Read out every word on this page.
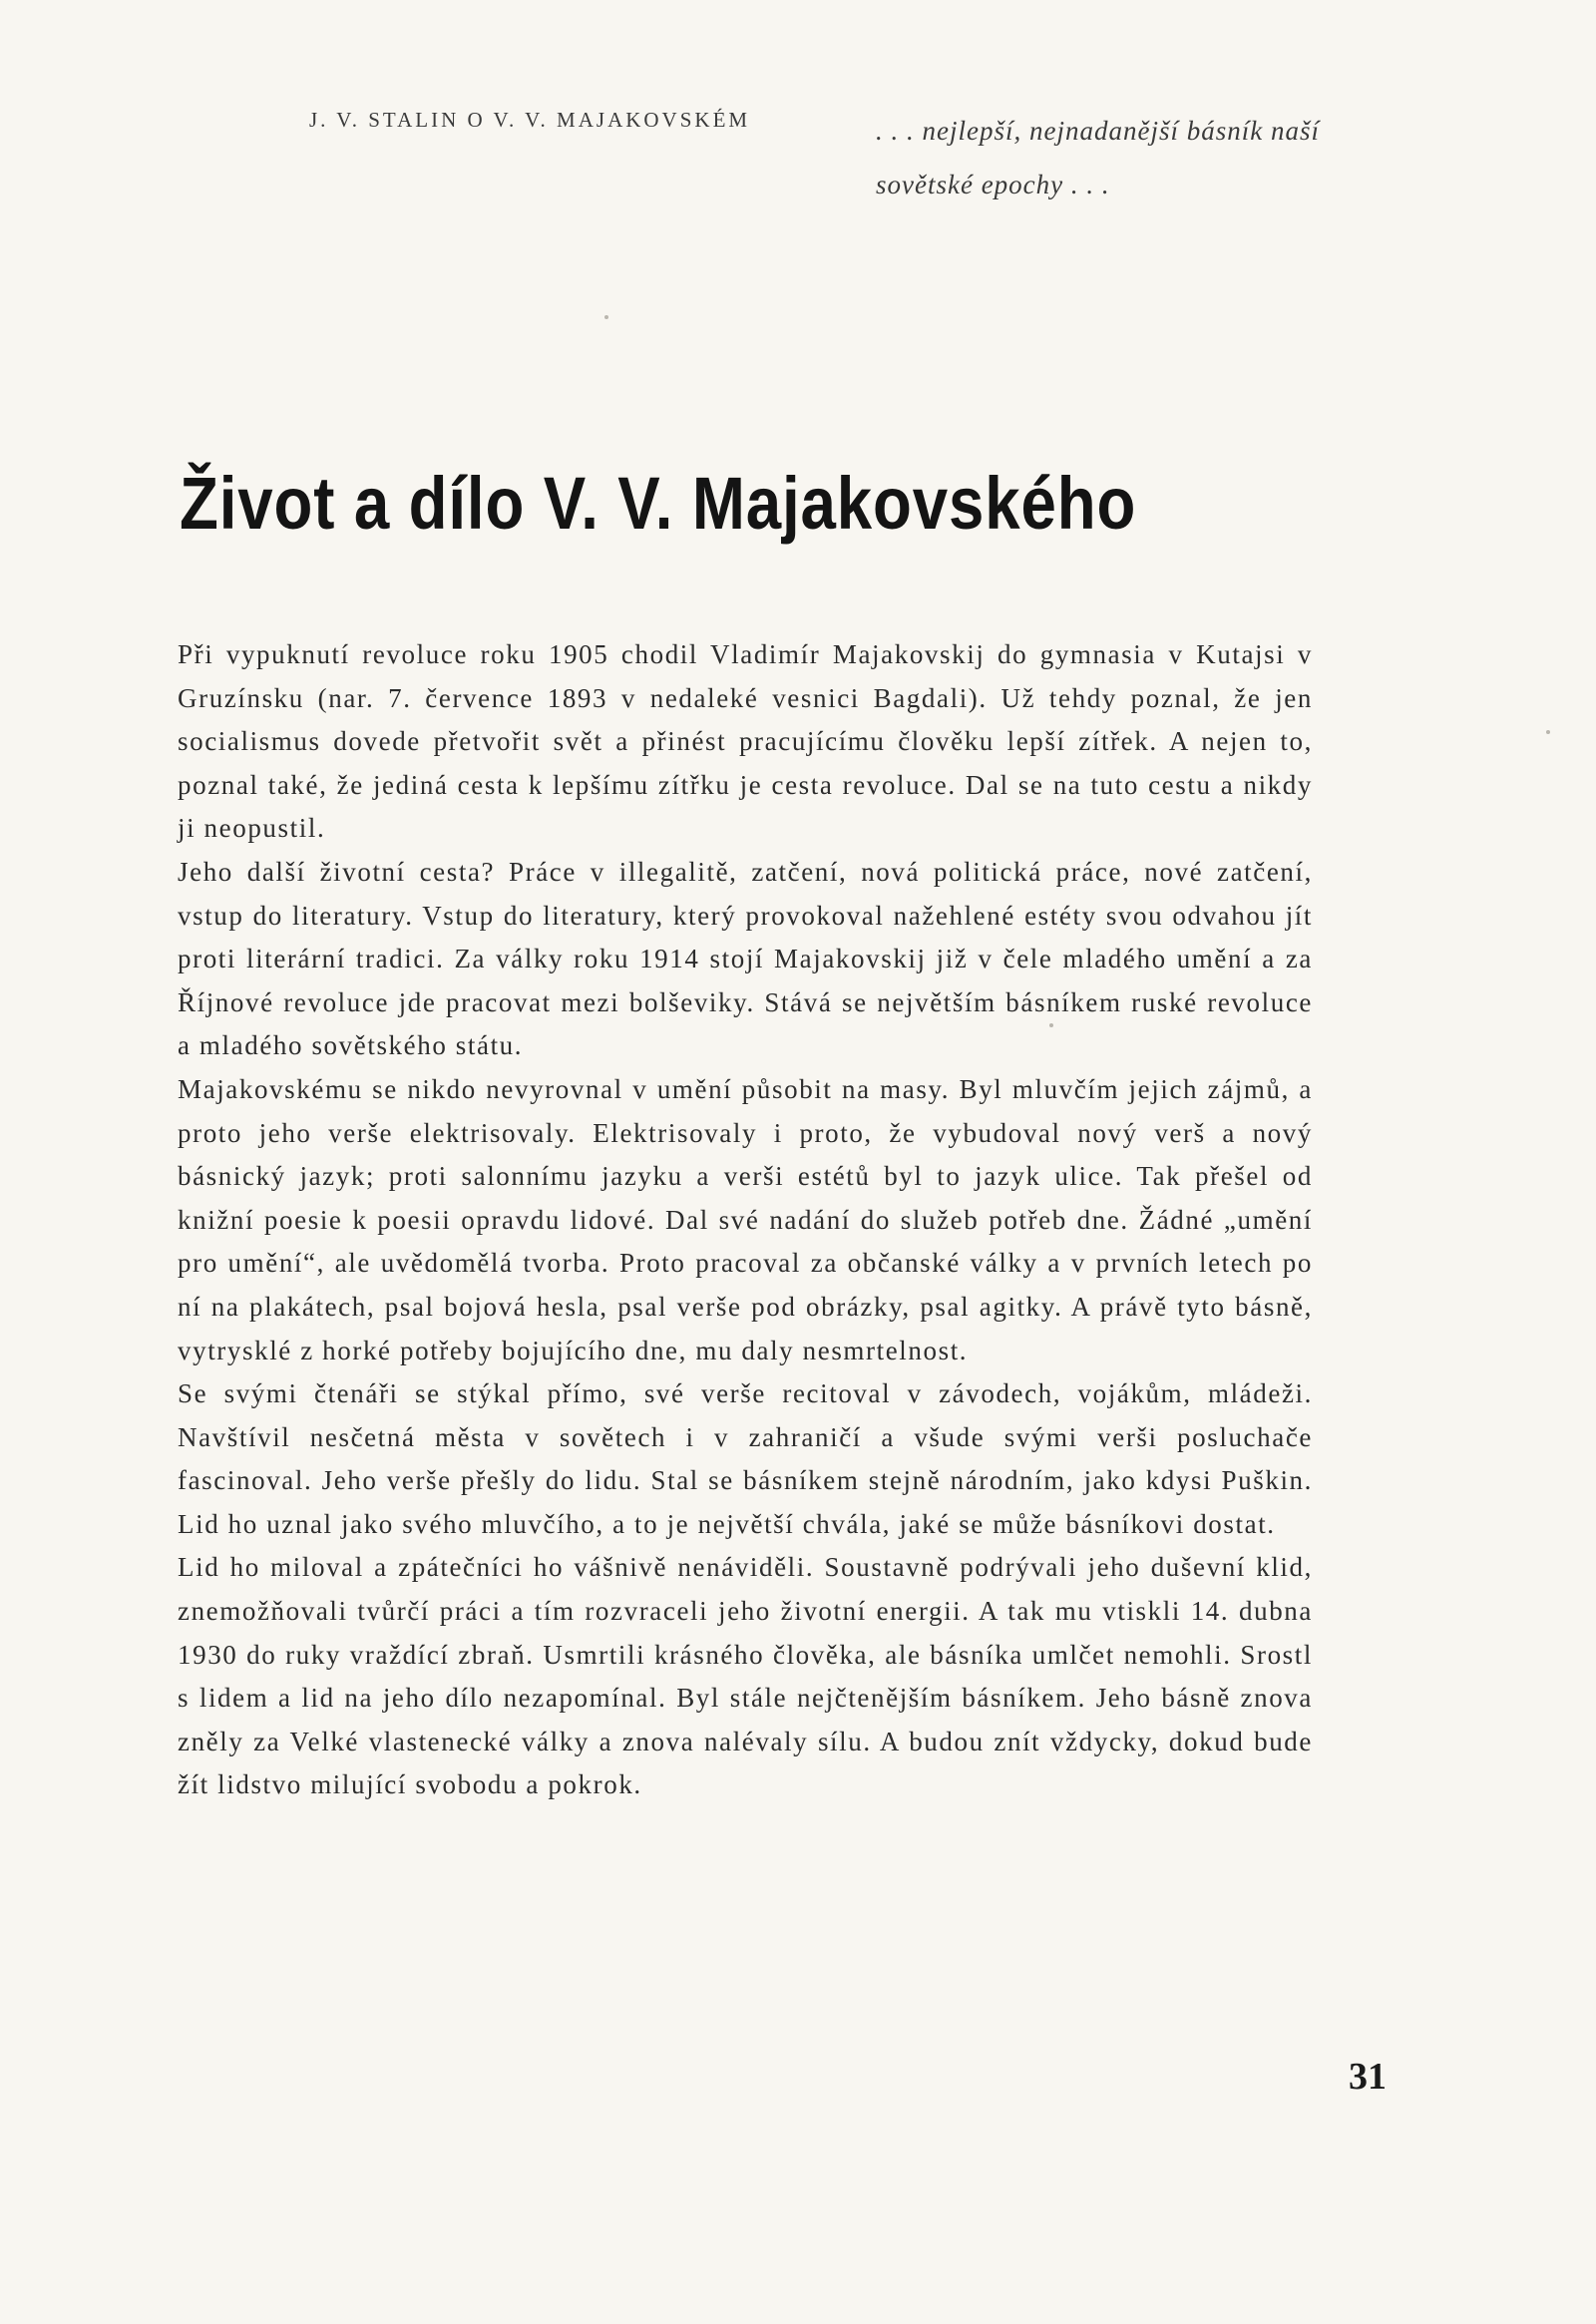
J. V. STALIN O V. V. MAJAKOVSKÉM	. . . nejlepší, nejnadanější básník naší sovětské epochy . . .
Život a dílo V. V. Majakovského

Při vypuknutí revoluce roku 1905 chodil Vladimír Majakovskij do gymnasia v Kutajsi v Gruzínsku (nar. 7. července 1893 v nedaleké vesnici Bagdali). Už tehdy poznal, že jen socialismus dovede přetvořit svět a přinést pracujícímu člověku lepší zítřek. A nejen to, poznal také, že jediná cesta k lepšímu zítřku je cesta revoluce. Dal se na tuto cestu a nikdy ji neopustil.

Jeho další životní cesta? Práce v illegalitě, zatčení, nová politická práce, nové zatčení, vstup do literatury. Vstup do literatury, který provokoval nažehlené estéty svou odvahou jít proti literární tradici. Za války roku 1914 stojí Majakovskij již v čele mladého umění a za Říjnové revoluce jde pracovat mezi bolševiky. Stává se největším básníkem ruské revoluce a mladého sovětského státu.

Majakovskému se nikdo nevyrovnal v umění působit na masy. Byl mluvčím jejich zájmů, a proto jeho verše elektrisovaly. Elektrisovaly i proto, že vybudoval nový verš a nový básnický jazyk; proti salonnímu jazyku a verši estétů byl to jazyk ulice. Tak přešel od knižní poesie k poesii opravdu lidové. Dal své nadání do služeb potřeb dne. Žádné „umění pro umění“, ale uvědomělá tvorba. Proto pracoval za občanské války a v prvních letech po ní na plakátech, psal bojová hesla, psal verše pod obrázky, psal agitky. A právě tyto básně, vytrysklé z horké potřeby bojujícího dne, mu daly nesmrtelnost.

Se svými čtenáři se stýkal přímo, své verše recitoval v závodech, vojákům, mládeži. Navštívil nesčetná města v sovětech i v zahraničí a všude svými verši posluchače fascinoval. Jeho verše přešly do lidu. Stal se básníkem stejně národním, jako kdysi Puškin. Lid ho uznal jako svého mluvčího, a to je největší chvála, jaké se může básníkovi dostat.

Lid ho miloval a zpátečníci ho vášnivě nenáviděli. Soustavně podrývali jeho duševní klid, znemožňovali tvůrčí práci a tím rozvraceli jeho životní energii. A tak mu vtiskli 14. dubna 1930 do ruky vraždící zbraň. Usmrtili krásného člověka, ale básníka umlčet nemohli. Srostl s lidem a lid na jeho dílo nezapomínal. Byl stále nejčtenějším básníkem. Jeho básně znova zněly za Velké vlastenecké války a znova nalévaly sílu. A budou znít vždycky, dokud bude žít lidstvo milující svobodu a pokrok.

31
